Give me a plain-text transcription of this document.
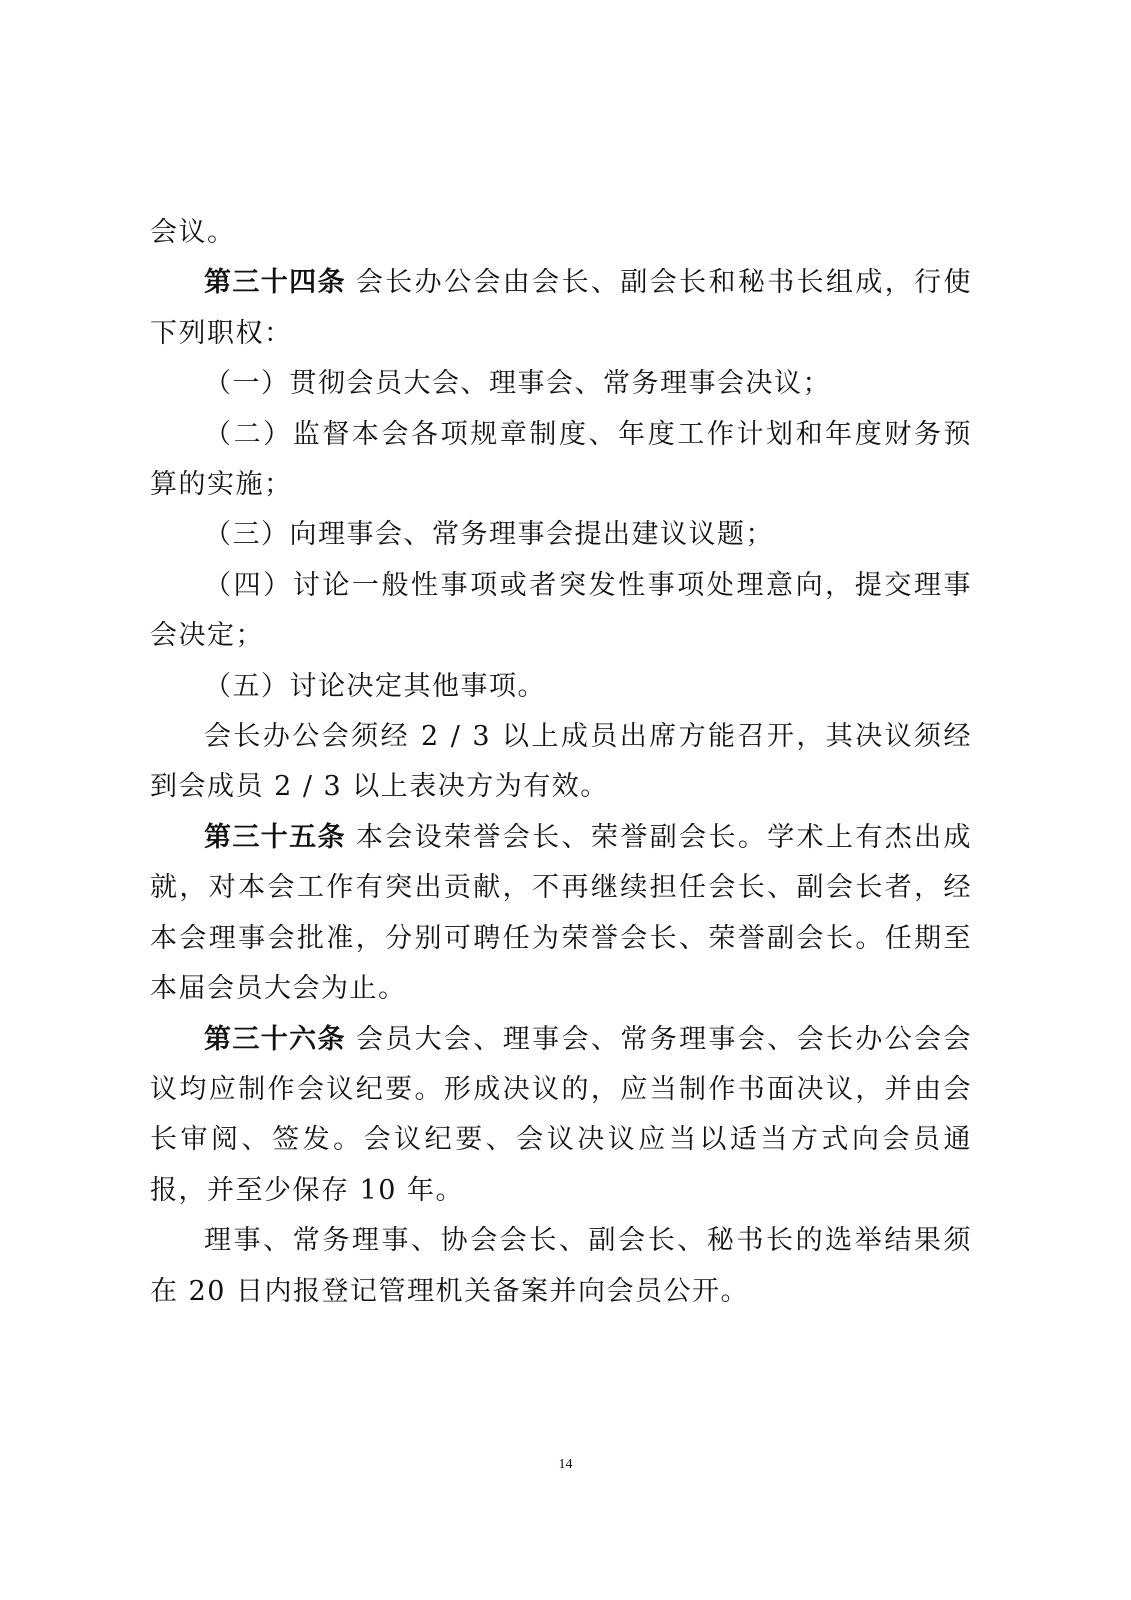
会议。

第三十四条 会长办公会由会长、副会长和秘书长组成，行使下列职权：

（一）贯彻会员大会、理事会、常务理事会决议；

（二）监督本会各项规章制度、年度工作计划和年度财务预算的实施；

（三）向理事会、常务理事会提出建议议题；

（四）讨论一般性事项或者突发性事项处理意向，提交理事会决定；

（五）讨论决定其他事项。

会长办公会须经 2 / 3 以上成员出席方能召开，其决议须经到会成员 2 / 3 以上表决方为有效。

第三十五条 本会设荣誉会长、荣誉副会长。学术上有杰出成就，对本会工作有突出贡献，不再继续担任会长、副会长者，经本会理事会批准，分别可聘任为荣誉会长、荣誉副会长。任期至本届会员大会为止。

第三十六条 会员大会、理事会、常务理事会、会长办公会会议均应制作会议纪要。形成决议的，应当制作书面决议，并由会长审阅、签发。会议纪要、会议决议应当以适当方式向会员通报，并至少保存 10 年。

理事、常务理事、协会会长、副会长、秘书长的选举结果须在 20 日内报登记管理机关备案并向会员公开。

14
